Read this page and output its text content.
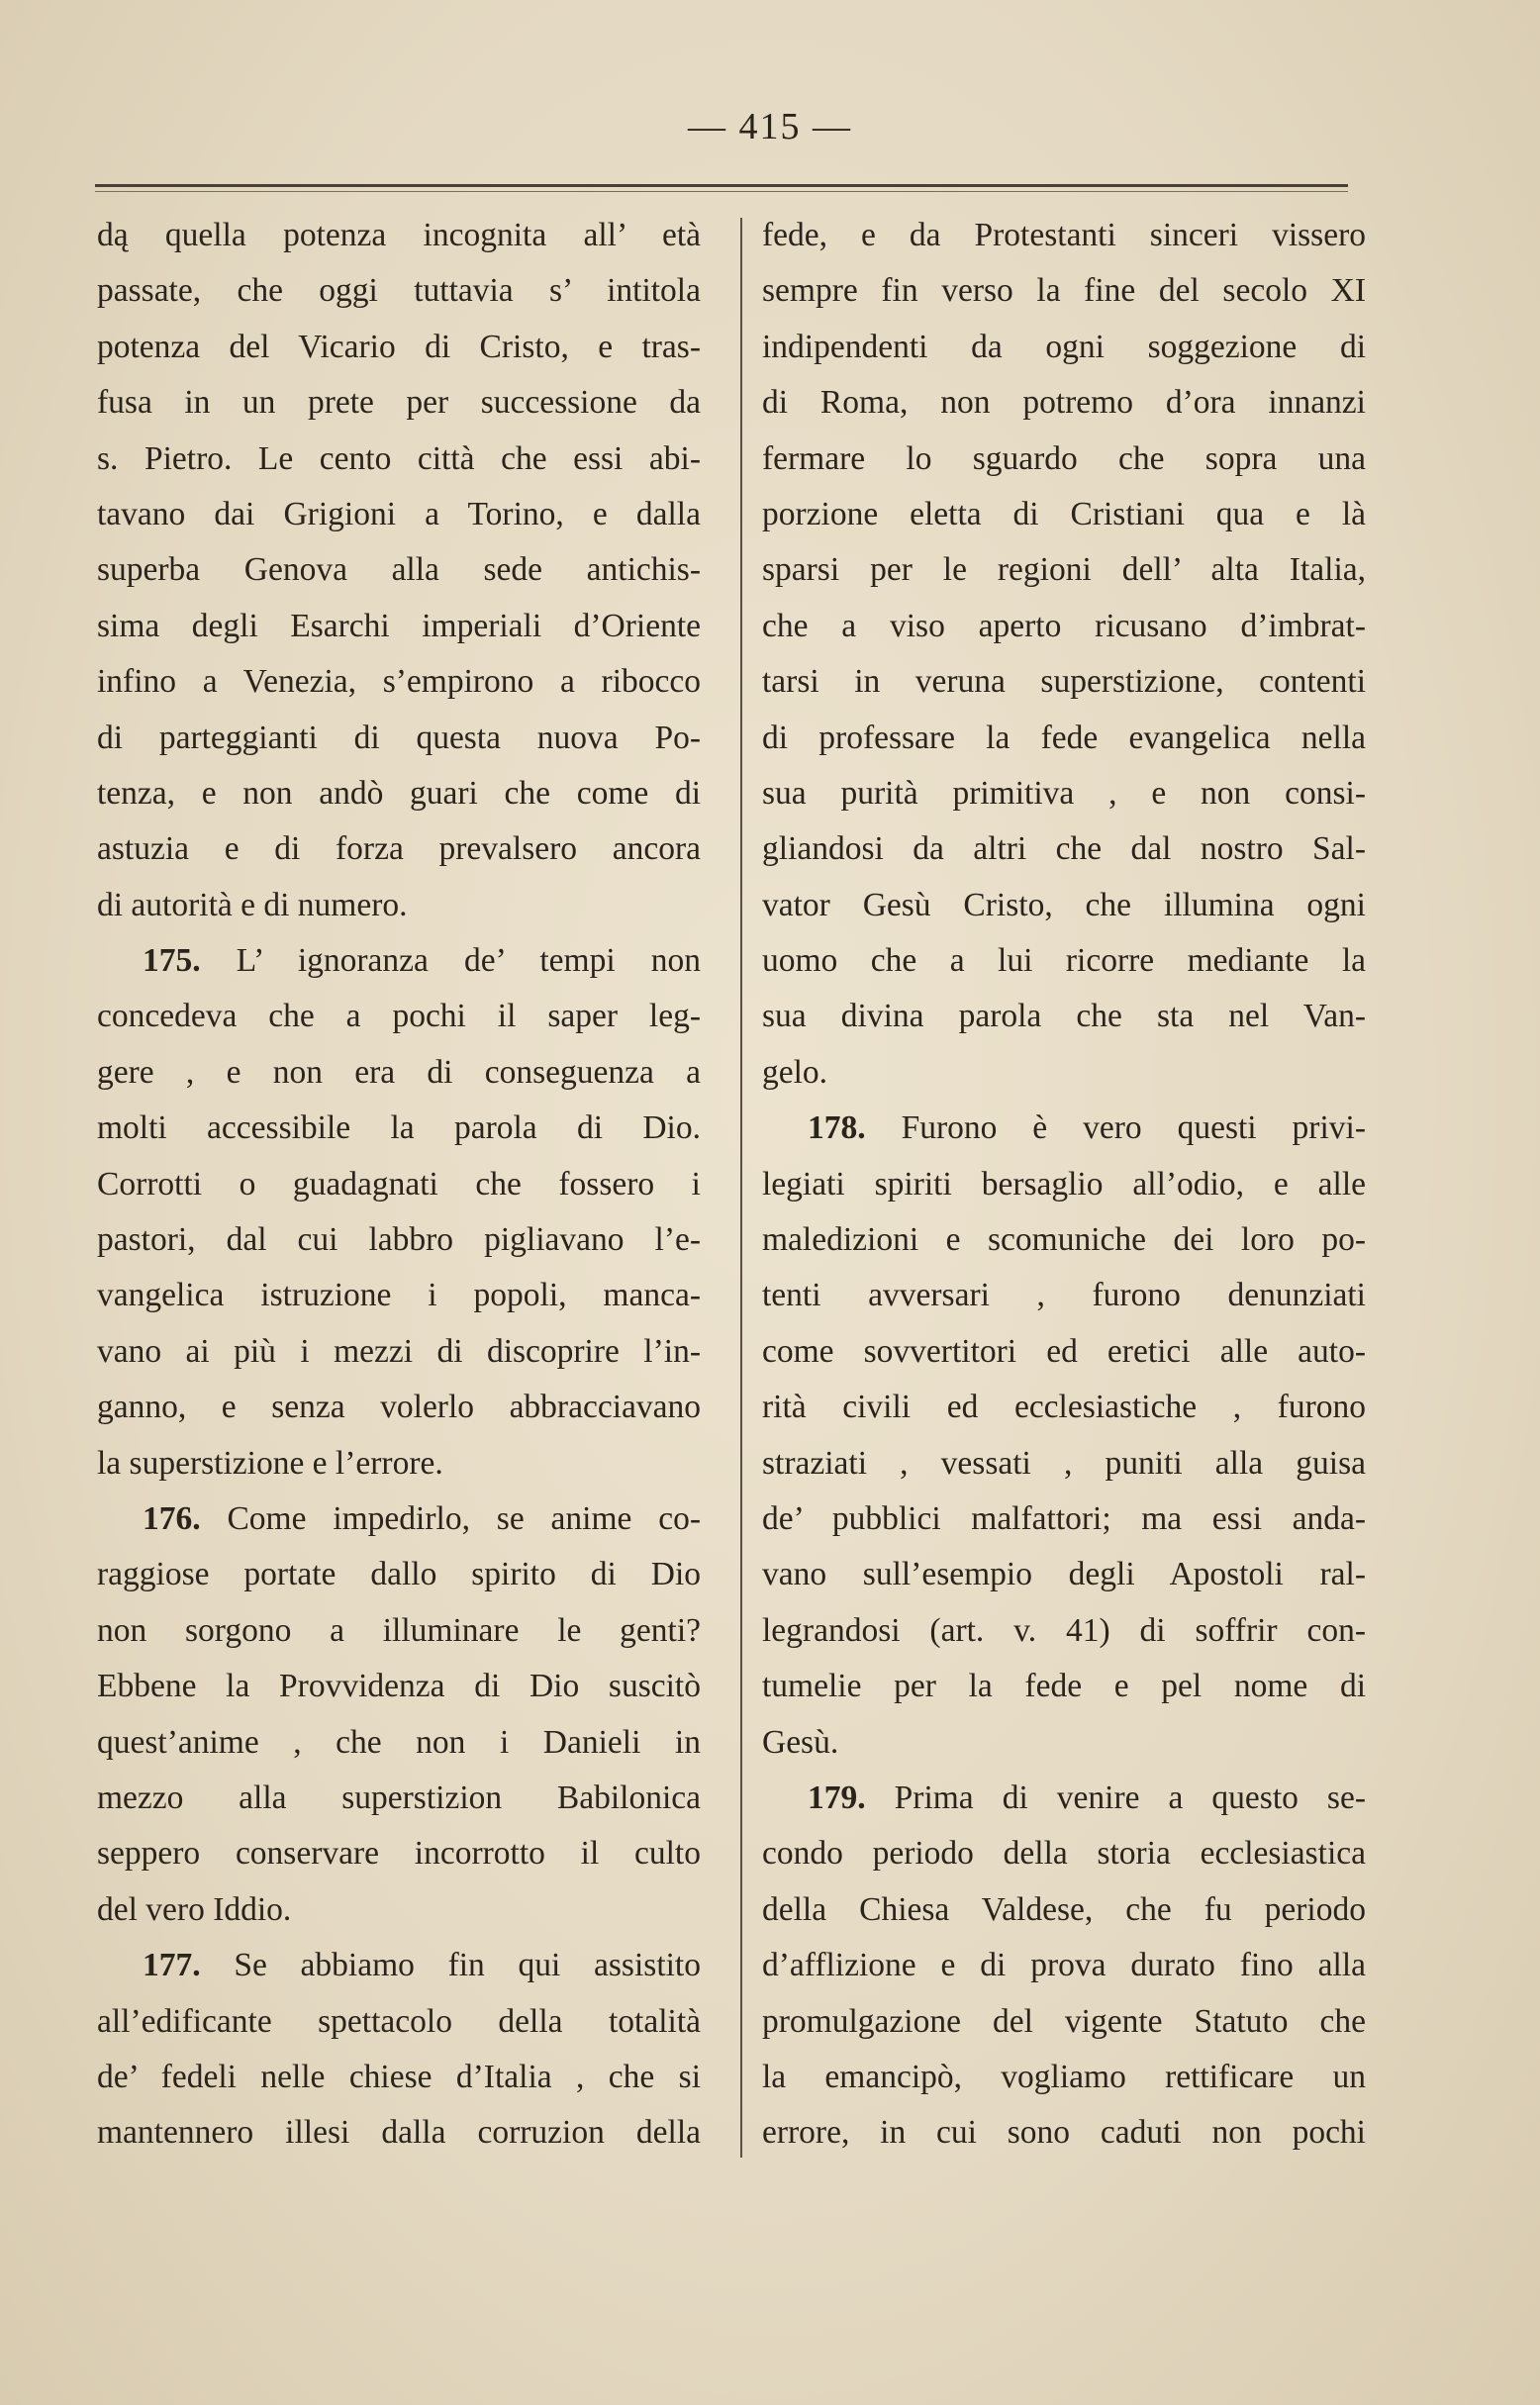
— 415 —
dą quella potenza incognita all’ età
passate, che oggi tuttavia s’ intitola
potenza del Vicario di Cristo, e tras-
fusa in un prete per successione da
s. Pietro. Le cento città che essi abi-
tavano dai Grigioni a Torino, e dalla
superba Genova alla sede antichis-
sima degli Esarchi imperiali d’Oriente
infino a Venezia, s’empirono a ribocco
di parteggianti di questa nuova Po-
tenza, e non andò guari che come di
astuzia e di forza prevalsero ancora
di autorità e di numero.
175. L’ ignoranza de’ tempi non
concedeva che a pochi il saper leg-
gere , e non era di conseguenza a
molti accessibile la parola di Dio.
Corrotti o guadagnati che fossero i
pastori, dal cui labbro pigliavano l’e-
vangelica istruzione i popoli, manca-
vano ai più i mezzi di discoprire l’in-
ganno, e senza volerlo abbracciavano
la superstizione e l’errore.
176. Come impedirlo, se anime co-
raggiose portate dallo spirito di Dio
non sorgono a illuminare le genti?
Ebbene la Provvidenza di Dio suscitò
quest’anime , che non i Danieli in
mezzo alla superstizion Babilonica
seppero conservare incorrotto il culto
del vero Iddio.
177. Se abbiamo fin qui assistito
all’edificante spettacolo della totalità
de’ fedeli nelle chiese d’Italia , che si
mantennero illesi dalla corruzion della
fede, e da Protestanti sinceri vissero
sempre fin verso la fine del secolo XI
indipendenti da ogni soggezione di
di Roma, non potremo d’ora innanzi
fermare lo sguardo che sopra una
porzione eletta di Cristiani qua e là
sparsi per le regioni dell’ alta Italia,
che a viso aperto ricusano d’imbrat-
tarsi in veruna superstizione, contenti
di professare la fede evangelica nella
sua purità primitiva , e non consi-
gliandosi da altri che dal nostro Sal-
vator Gesù Cristo, che illumina ogni
uomo che a lui ricorre mediante la
sua divina parola che sta nel Van-
gelo.
178. Furono è vero questi privi-
legiati spiriti bersaglio all’odio, e alle
maledizioni e scomuniche dei loro po-
tenti avversari , furono denunziati
come sovvertitori ed eretici alle auto-
rità civili ed ecclesiastiche , furono
straziati , vessati , puniti alla guisa
de’ pubblici malfattori; ma essi anda-
vano sull’esempio degli Apostoli ral-
legrandosi (art. v. 41) di soffrir con-
tumelie per la fede e pel nome di
Gesù.
179. Prima di venire a questo se-
condo periodo della storia ecclesiastica
della Chiesa Valdese, che fu periodo
d’afflizione e di prova durato fino alla
promulgazione del vigente Statuto che
la emancipò, vogliamo rettificare un
errore, in cui sono caduti non pochi
